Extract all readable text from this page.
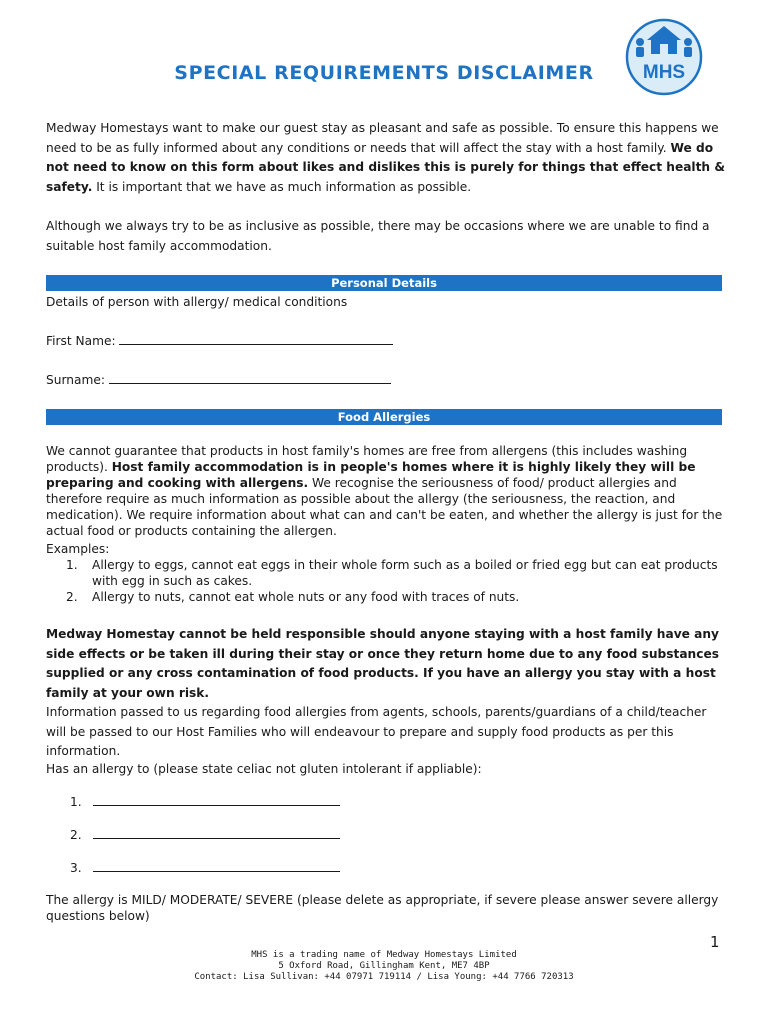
SPECIAL REQUIREMENTS DISCLAIMER	MHS
Medway Homestays want to make our guest stay as pleasant and safe as possible. To ensure this happens we need to be as fully informed about any conditions or needs that will affect the stay with a host family. We do not need to know on this form about likes and dislikes this is purely for things that effect health & safety. It is important that we have as much information as possible.
Although we always try to be as inclusive as possible, there may be occasions where we are unable to find a suitable host family accommodation.
Personal Details
Details of person with allergy/ medical conditions
First Name:
Surname:
Food Allergies
We cannot guarantee that products in host family's homes are free from allergens (this includes washing products). Host family accommodation is in people's homes where it is highly likely they will be preparing and cooking with allergens. We recognise the seriousness of food/ product allergies and therefore require as much information as possible about the allergy (the seriousness, the reaction, and medication). We require information about what can and can't be eaten, and whether the allergy is just for the actual food or products containing the allergen.
Examples:
1.	Allergy to eggs, cannot eat eggs in their whole form such as a boiled or fried egg but can eat products with egg in such as cakes.
2.	Allergy to nuts, cannot eat whole nuts or any food with traces of nuts.
Medway Homestay cannot be held responsible should anyone staying with a host family have any side effects or be taken ill during their stay or once they return home due to any food substances supplied or any cross contamination of food products. If you have an allergy you stay with a host family at your own risk.
Information passed to us regarding food allergies from agents, schools, parents/guardians of a child/teacher will be passed to our Host Families who will endeavour to prepare and supply food products as per this information.
Has an allergy to (please state celiac not gluten intolerant if appliable):
1.
2.
3.
The allergy is MILD/ MODERATE/ SEVERE (please delete as appropriate, if severe please answer severe allergy questions below)
1
MHS is a trading name of Medway Homestays Limited
5 Oxford Road, Gillingham Kent, ME7 4BP
Contact: Lisa Sullivan: +44 07971 719114 / Lisa Young: +44 7766 720313
